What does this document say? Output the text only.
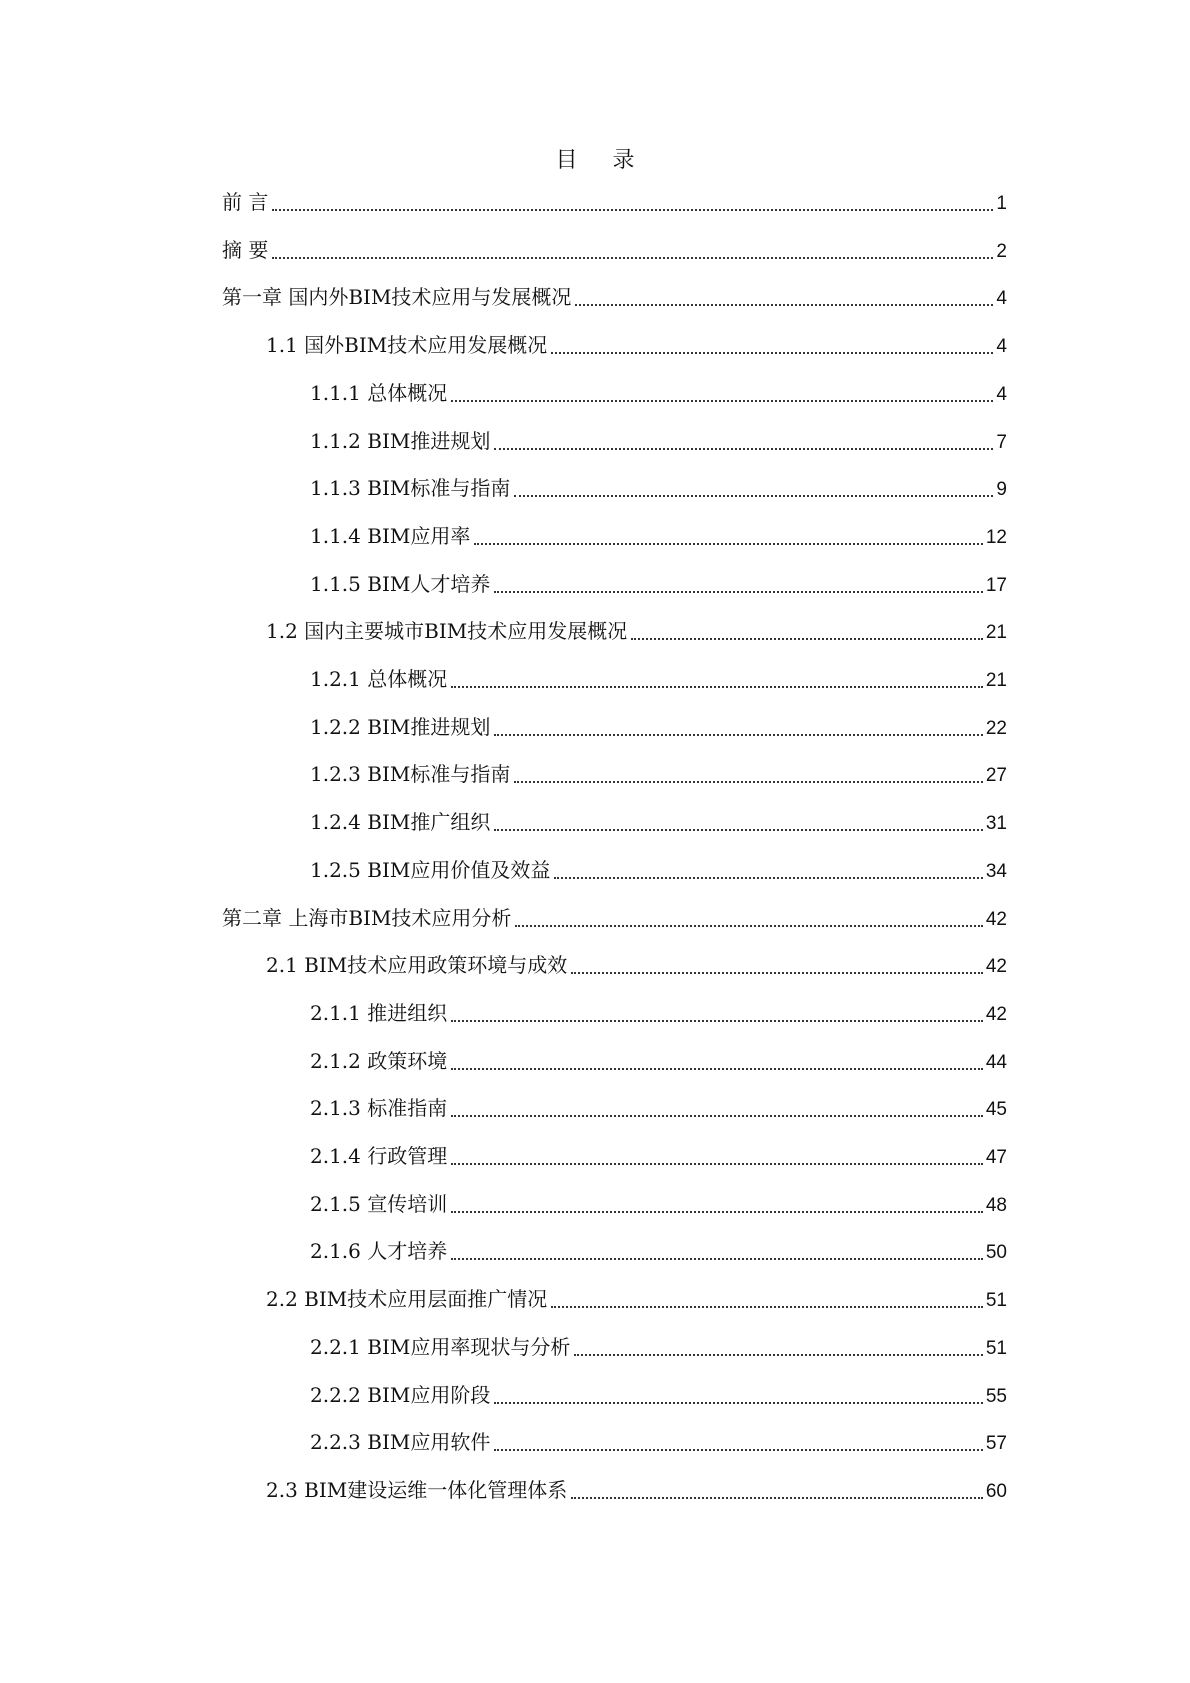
目 录
前 言	1
摘 要	2
第一章 国内外BIM技术应用与发展概况	4
1.1 国外BIM技术应用发展概况	4
1.1.1 总体概况	4
1.1.2 BIM推进规划	7
1.1.3 BIM标准与指南	9
1.1.4 BIM应用率	12
1.1.5 BIM人才培养	17
1.2 国内主要城市BIM技术应用发展概况	21
1.2.1 总体概况	21
1.2.2 BIM推进规划	22
1.2.3 BIM标准与指南	27
1.2.4 BIM推广组织	31
1.2.5 BIM应用价值及效益	34
第二章 上海市BIM技术应用分析	42
2.1 BIM技术应用政策环境与成效	42
2.1.1 推进组织	42
2.1.2 政策环境	44
2.1.3 标准指南	45
2.1.4 行政管理	47
2.1.5 宣传培训	48
2.1.6 人才培养	50
2.2 BIM技术应用层面推广情况	51
2.2.1 BIM应用率现状与分析	51
2.2.2 BIM应用阶段	55
2.2.3 BIM应用软件	57
2.3 BIM建设运维一体化管理体系	60
